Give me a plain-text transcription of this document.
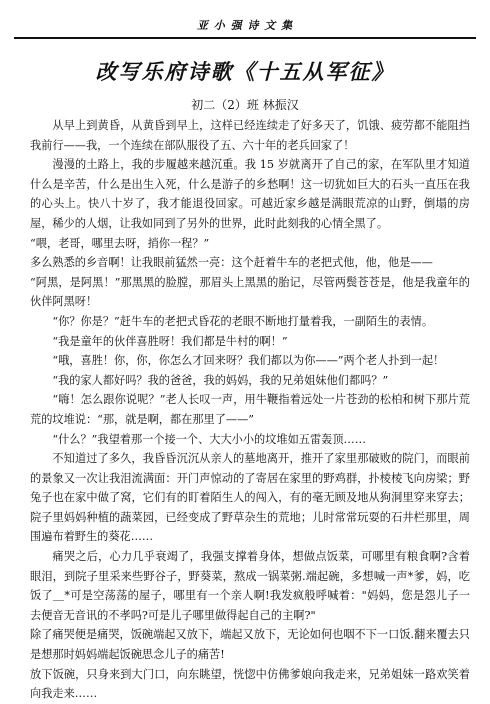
亚 小 强 诗 文 集
改写乐府诗歌《十五从军征》
初二（2）班 林振汉

从早上到黄昏，从黄昏到早上，这样已经连续走了好多天了，饥饿、疲劳都不能阻挡我前行——我，一个连续在部队服役了五、六十年的老兵回家了！

漫漫的土路上，我的步履越来越沉重。我 15 岁就离开了自己的家，在军队里才知道什么是辛苦，什么是出生入死，什么是游子的乡愁啊！这一切犹如巨大的石头一直压在我的心头上。快八十岁了，我才能退役回家。可越近家乡越是满眼荒凉的山野，倒塌的房屋，稀少的人烟，让我如同到了另外的世界，此时此刻我的心情全黑了。

“喂，老哥，哪里去呀，捎你一程？”

多么熟悉的乡音啊！让我眼前猛然一亮：这个赶着牛车的老把式他，他，他是——

“阿黑，是阿黑！”那黑黑的脸膛，那眉头上黑黑的胎记，尽管两鬓苍苍是，他是我童年的伙伴阿黑呀！

“你？你是？”赶牛车的老把式昏花的老眼不断地打量着我，一副陌生的表情。

“我是童年的伙伴喜胜呀！我们都是牛村的啊！”

“哦，喜胜！你，你，你怎么才回来呀？我们都以为你——”两个老人扑到一起！

“我的家人都好吗？我的爸爸，我的妈妈，我的兄弟姐妹他们都吗？”

“嗨！怎么跟你说呢？”老人长叹一声，用牛鞭指着远处一片苍劲的松柏和树下那片荒荒的坟堆说：“那，就是啊，都在那里了——”

“什么？”我望着那一个接一个、大大小小的坟堆如五雷轰顶……

不知道过了多久，我昏昏沉沉从亲人的墓地离开，推开了家里那破败的院门，而眼前的景象又一次让我泪流满面：开门声惊动的了寄居在家里的野鸡群，扑棱棱飞向房梁；野兔子也在家中做了窝，它们有的盯着陌生人的闯入，有的毫无顾及地从狗洞里穿来穿去；院子里妈妈种植的蔬菜园，已经变成了野草杂生的荒地；儿时常常玩耍的石井栏那里，周围遍布着野生的葵花……

痛哭之后，心力几乎衰竭了，我强支撑着身体，想做点饭菜，可哪里有粮食啊?含着眼泪，到院子里采来些野谷子，野葵菜，熬成一锅菜粥.端起碗，多想喊一声*爹，妈，吃饭了＿*可是空荡荡的屋子，哪里有一个亲人啊!我发疯般呼喊着："妈妈，您是怨儿子一去便音无音讯的不孝吗?可是儿子哪里做得起自己的主啊?"

除了痛哭便是痛哭，饭碗端起又放下，端起又放下，无论如何也咽不下一口饭.翻来覆去只是想那时妈妈端起饭碗思念儿子的痛苦!

放下饭碗，只身来到大门口，向东眺望，恍惚中仿佛爹娘向我走来，兄弟姐妹一路欢笑着向我走来……
